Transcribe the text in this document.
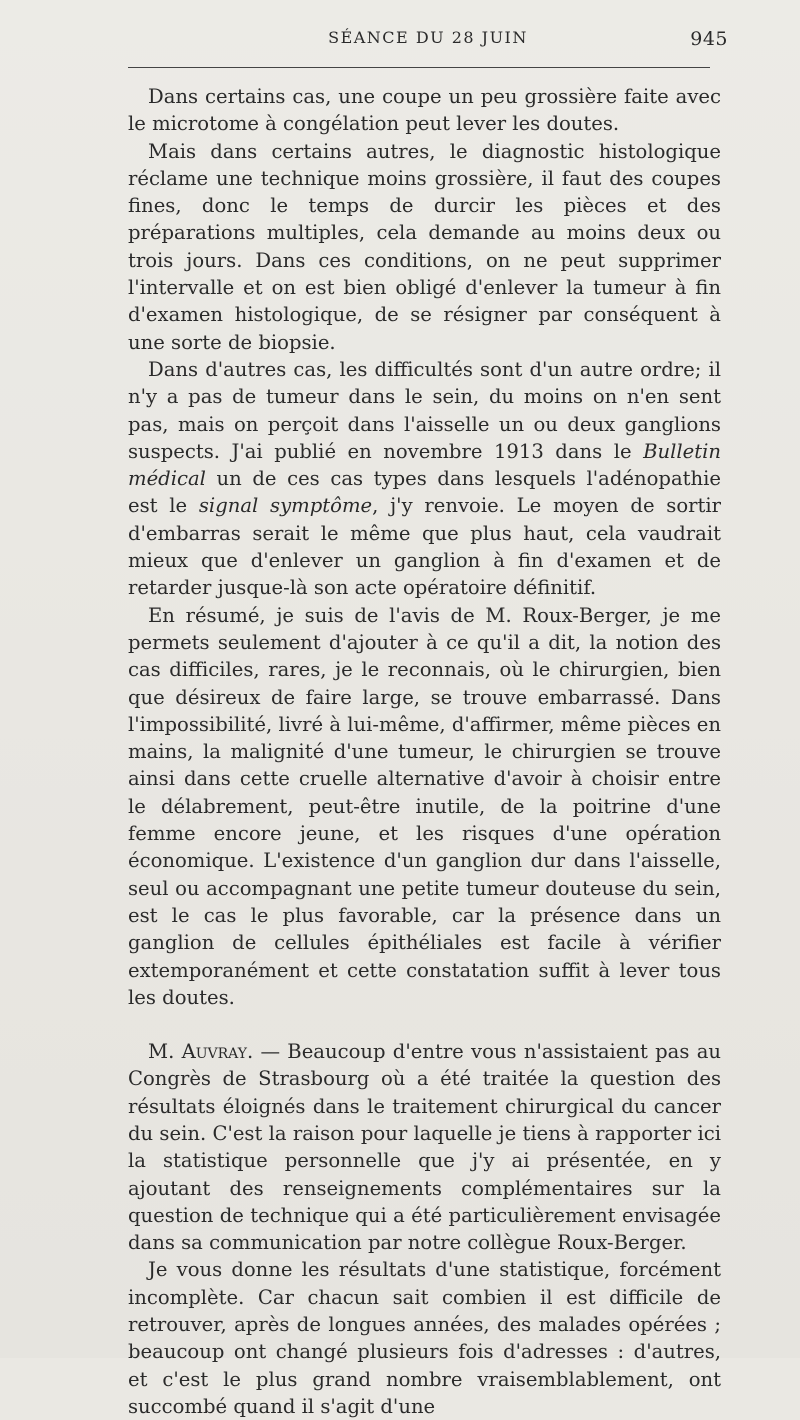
SÉANCE DU 28 JUIN	945

Dans certains cas, une coupe un peu grossière faite avec le microtome à congélation peut lever les doutes.

Mais dans certains autres, le diagnostic histologique réclame une technique moins grossière, il faut des coupes fines, donc le temps de durcir les pièces et des préparations multiples, cela demande au moins deux ou trois jours. Dans ces conditions, on ne peut supprimer l'intervalle et on est bien obligé d'enlever la tumeur à fin d'examen histologique, de se résigner par conséquent à une sorte de biopsie.

Dans d'autres cas, les difficultés sont d'un autre ordre; il n'y a pas de tumeur dans le sein, du moins on n'en sent pas, mais on perçoit dans l'aisselle un ou deux ganglions suspects. J'ai publié en novembre 1913 dans le Bulletin médical un de ces cas types dans lesquels l'adénopathie est le signal symptôme, j'y renvoie. Le moyen de sortir d'embarras serait le même que plus haut, cela vaudrait mieux que d'enlever un ganglion à fin d'examen et de retarder jusque-là son acte opératoire définitif.

En résumé, je suis de l'avis de M. Roux-Berger, je me permets seulement d'ajouter à ce qu'il a dit, la notion des cas difficiles, rares, je le reconnais, où le chirurgien, bien que désireux de faire large, se trouve embarrassé. Dans l'impossibilité, livré à lui-même, d'affirmer, même pièces en mains, la malignité d'une tumeur, le chirurgien se trouve ainsi dans cette cruelle alternative d'avoir à choisir entre le délabrement, peut-être inutile, de la poitrine d'une femme encore jeune, et les risques d'une opération économique. L'existence d'un ganglion dur dans l'aisselle, seul ou accompagnant une petite tumeur douteuse du sein, est le cas le plus favorable, car la présence dans un ganglion de cellules épithéliales est facile à vérifier extemporanément et cette constatation suffit à lever tous les doutes.

M. Auvray. — Beaucoup d'entre vous n'assistaient pas au Congrès de Strasbourg où a été traitée la question des résultats éloignés dans le traitement chirurgical du cancer du sein. C'est la raison pour laquelle je tiens à rapporter ici la statistique personnelle que j'y ai présentée, en y ajoutant des renseignements complémentaires sur la question de technique qui a été particulièrement envisagée dans sa communication par notre collègue Roux-Berger.

Je vous donne les résultats d'une statistique, forcément incomplète. Car chacun sait combien il est difficile de retrouver, après de longues années, des malades opérées ; beaucoup ont changé plusieurs fois d'adresses : d'autres, et c'est le plus grand nombre vraisemblablement, ont succombé quand il s'agit d'une
